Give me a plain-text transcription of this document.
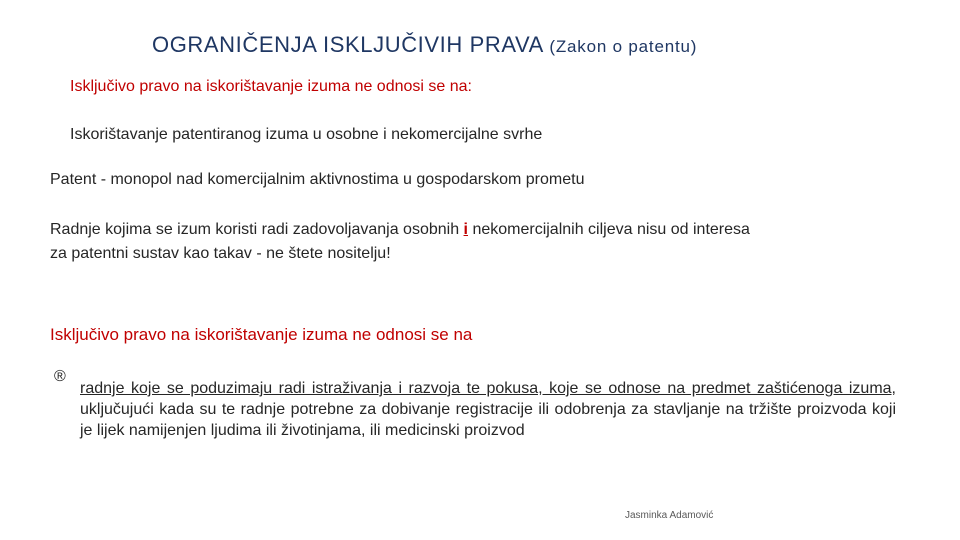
OGRANIČENJA ISKLJUČIVIH PRAVA (Zakon o patentu)
Isključivo pravo na iskorištavanje izuma ne odnosi se na:
Iskorištavanje patentiranog izuma u osobne i nekomercijalne svrhe
Patent - monopol nad komercijalnim aktivnostima u gospodarskom prometu
Radnje kojima se izum koristi radi zadovoljavanja osobnih i nekomercijalnih ciljeva nisu od interesa
za patentni sustav kao takav - ne štete nositelju!
Isključivo pravo na iskorištavanje izuma ne odnosi se na
®
radnje koje se poduzimaju radi istraživanja i razvoja te pokusa, koje se odnose na predmet zaštićenoga izuma, uključujući kada su te radnje potrebne za dobivanje registracije ili odobrenja za stavljanje na tržište proizvoda koji je lijek namijenjen ljudima ili životinjama, ili medicinski proizvod
Jasminka Adamović
